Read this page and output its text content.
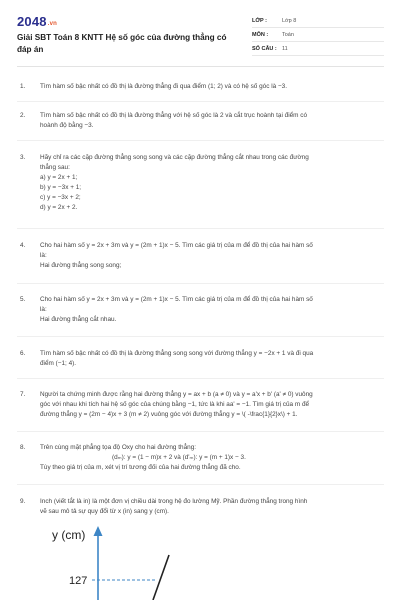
2048.vn
Giải SBT Toán 8 KNTT Hệ số góc của đường thẳng có đáp án
LỚP :	Lớp 8
MÔN :	Toán
SỐ CÂU : 11
1.	Tìm hàm số bậc nhất có đồ thị là đường thẳng đi qua điểm (1; 2) và có hệ số góc là −3.
2.	Tìm hàm số bậc nhất có đồ thị là đường thẳng với hệ số góc là 2 và cắt trục hoành tại điểm có
hoành độ bằng −3.
3.	Hãy chỉ ra các cặp đường thẳng song song và các cặp đường thẳng cắt nhau trong các đường
thẳng sau:
a) y = 2x + 1;
b) y = −3x + 1;
c) y = −3x + 2;
d) y = 2x + 2.
4.	Cho hai hàm số y = 2x + 3m và y = (2m + 1)x − 5. Tìm các giá trị của m để đồ thị của hai hàm số
là:
Hai đường thẳng song song;
5.	Cho hai hàm số y = 2x + 3m và y = (2m + 1)x − 5. Tìm các giá trị của m để đồ thị của hai hàm số
là:
Hai đường thẳng cắt nhau.
6.	Tìm hàm số bậc nhất có đồ thị là đường thẳng song song với đường thẳng y = −2x + 1 và đi qua
điểm (−1; 4).
7.	Người ta chứng minh được rằng hai đường thẳng y = ax + b (a ≠ 0) và y = a'x + b' (a' ≠ 0) vuông
góc với nhau khi tích hai hệ số góc của chúng bằng −1, tức là khi aa' = −1. Tìm giá trị của m để
đường thẳng y = (2m − 4)x + 3 (m ≠ 2) vuông góc với đường thẳng y = \( -\frac{1}{2}x\) + 1.
8.	Trên cùng mặt phẳng tọa độ Oxy cho hai đường thẳng:
(dₘ): y = (1 − m)x + 2 và (d'ₘ): y = (m + 1)x − 3.
Tùy theo giá trị của m, xét vị trí tương đối của hai đường thẳng đã cho.
9.	Inch (viết tắt là in) là một đơn vị chiều dài trong hệ đo lường Mỹ. Phần đường thẳng trong hình
vẽ sau mô tả sự quy đổi từ x (in) sang y (cm).
y (cm)
127
